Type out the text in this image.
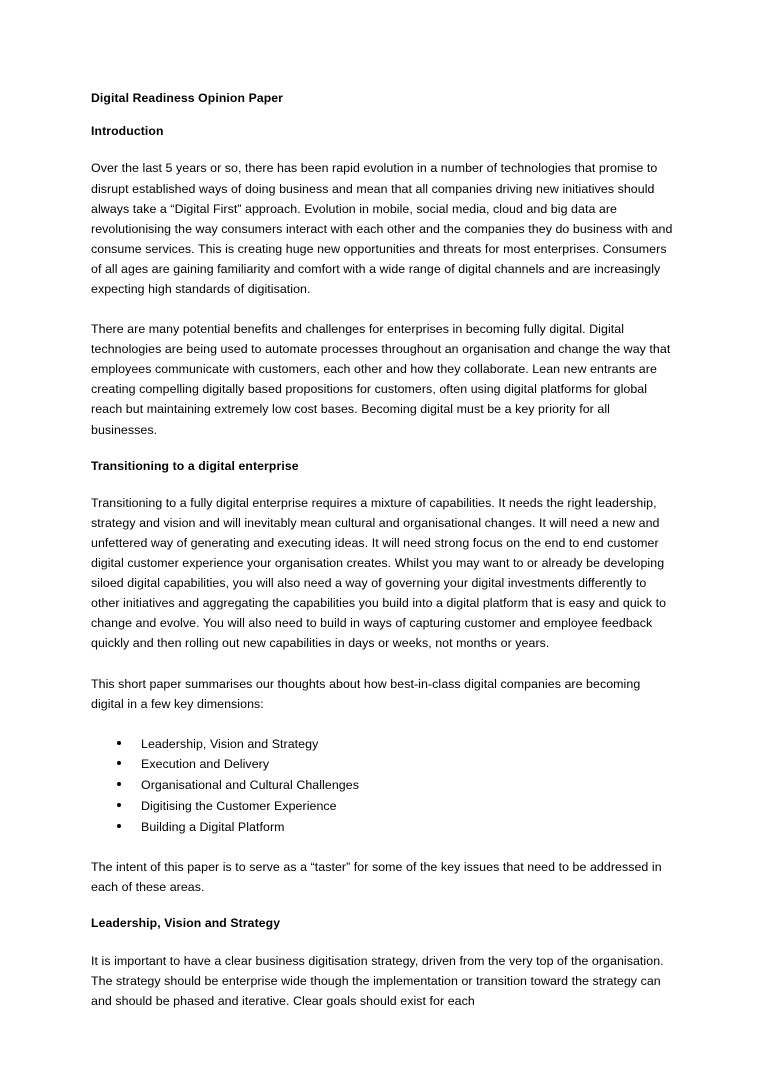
Digital Readiness Opinion Paper
Introduction

Over the last 5 years or so, there has been rapid evolution in a number of technologies that promise to disrupt established ways of doing business and mean that all companies driving new initiatives should always take a “Digital First” approach. Evolution in mobile, social media, cloud and big data are revolutionising the way consumers interact with each other and the companies they do business with and consume services. This is creating huge new opportunities and threats for most enterprises. Consumers of all ages are gaining familiarity and comfort with a wide range of digital channels and are increasingly expecting high standards of digitisation.

There are many potential benefits and challenges for enterprises in becoming fully digital. Digital technologies are being used to automate processes throughout an organisation and change the way that employees communicate with customers, each other and how they collaborate. Lean new entrants are creating compelling digitally based propositions for customers, often using digital platforms for global reach but maintaining extremely low cost bases. Becoming digital must be a key priority for all businesses.

Transitioning to a digital enterprise

Transitioning to a fully digital enterprise requires a mixture of capabilities. It needs the right leadership, strategy and vision and will inevitably mean cultural and organisational changes. It will need a new and unfettered way of generating and executing ideas. It will need strong focus on the end to end customer digital customer experience your organisation creates. Whilst you may want to or already be developing siloed digital capabilities, you will also need a way of governing your digital investments differently to other initiatives and aggregating the capabilities you build into a digital platform that is easy and quick to change and evolve. You will also need to build in ways of capturing customer and employee feedback quickly and then rolling out new capabilities in days or weeks, not months or years.

This short paper summarises our thoughts about how best-in-class digital companies are becoming digital in a few key dimensions:

Leadership, Vision and Strategy
Execution and Delivery
Organisational and Cultural Challenges
Digitising the Customer Experience
Building a Digital Platform

The intent of this paper is to serve as a “taster” for some of the key issues that need to be addressed in each of these areas.

Leadership, Vision and Strategy

It is important to have a clear business digitisation strategy, driven from the very top of the organisation. The strategy should be enterprise wide though the implementation or transition toward the strategy can and should be phased and iterative. Clear goals should exist for each
